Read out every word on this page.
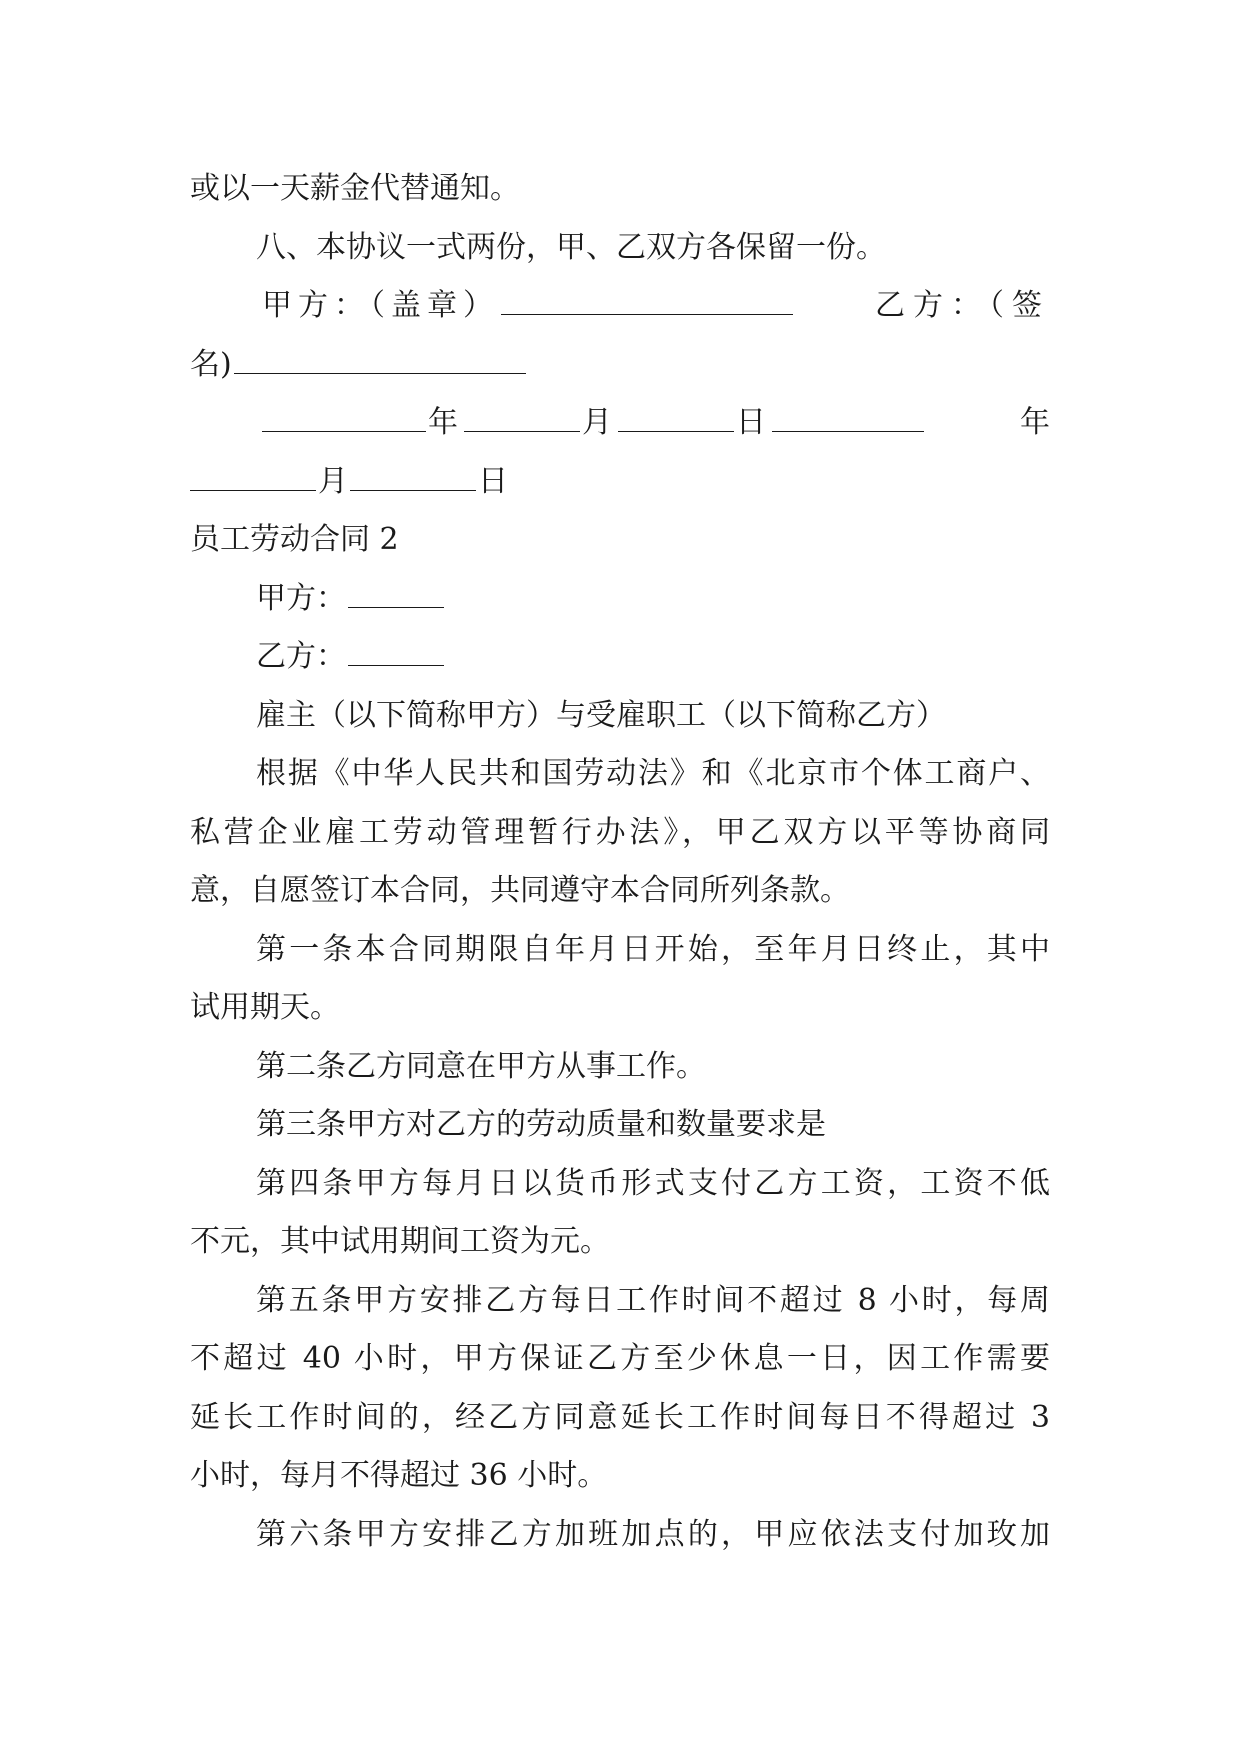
或以一天薪金代替通知。
八、本协议一式两份，甲、乙双方各保留一份。
甲方：（盖章）	乙方：（签
名)
年	月	日	年
月	日
员工劳动合同 2
甲方：
乙方：
雇主（以下简称甲方）与受雇职工（以下简称乙方）
根据《中华人民共和国劳动法》和《北京市个体工商户、
私营企业雇工劳动管理暂行办法》，甲乙双方以平等协商同
意，自愿签订本合同，共同遵守本合同所列条款。
第一条本合同期限自年月日开始，至年月日终止，其中
试用期天。
第二条乙方同意在甲方从事工作。
第三条甲方对乙方的劳动质量和数量要求是
第四条甲方每月日以货币形式支付乙方工资，工资不低
不元，其中试用期间工资为元。
第五条甲方安排乙方每日工作时间不超过 8 小时，每周
不超过 40 小时，甲方保证乙方至少休息一日，因工作需要
延长工作时间的，经乙方同意延长工作时间每日不得超过 3
小时，每月不得超过 36 小时。
第六条甲方安排乙方加班加点的，甲应依法支付加玫加
